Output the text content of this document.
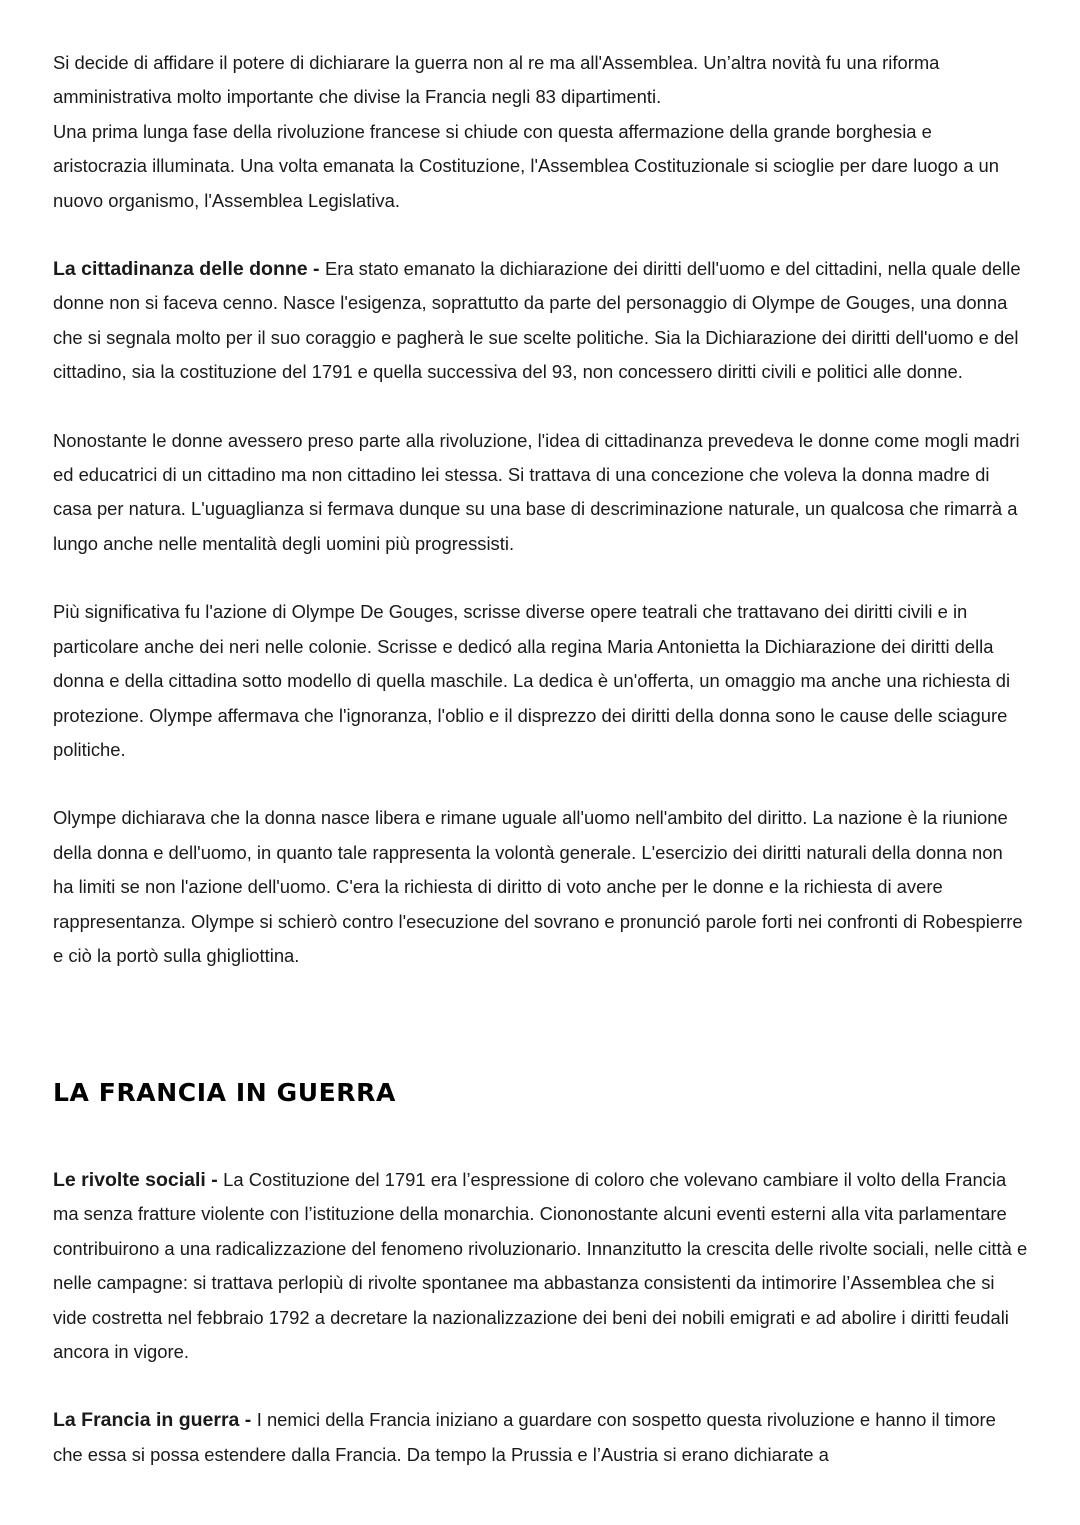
Si decide di affidare il potere di dichiarare la guerra non al re ma all'Assemblea. Un’altra novità fu una riforma amministrativa molto importante che divise la Francia negli 83 dipartimenti.

Una prima lunga fase della rivoluzione francese si chiude con questa affermazione della grande borghesia e aristocrazia illuminata. Una volta emanata la Costituzione, l'Assemblea Costituzionale si scioglie per dare luogo a un nuovo organismo, l'Assemblea Legislativa.

La cittadinanza delle donne - Era stato emanato la dichiarazione dei diritti dell'uomo e del cittadini, nella quale delle donne non si faceva cenno. Nasce l'esigenza, soprattutto da parte del personaggio di Olympe de Gouges, una donna che si segnala molto per il suo coraggio e pagherà le sue scelte politiche. Sia la Dichiarazione dei diritti dell'uomo e del cittadino, sia la costituzione del 1791 e quella successiva del 93, non concessero diritti civili e politici alle donne.

Nonostante le donne avessero preso parte alla rivoluzione, l'idea di cittadinanza prevedeva le donne come mogli madri ed educatrici di un cittadino ma non cittadino lei stessa. Si trattava di una concezione che voleva la donna madre di casa per natura. L'uguaglianza si fermava dunque su una base di descriminazione naturale, un qualcosa che rimarrà a lungo anche nelle mentalità degli uomini più progressisti.

Più significativa fu l'azione di Olympe De Gouges, scrisse diverse opere teatrali che trattavano dei diritti civili e in particolare anche dei neri nelle colonie. Scrisse e dedicó alla regina Maria Antonietta la Dichiarazione dei diritti della donna e della cittadina sotto modello di quella maschile. La dedica è un'offerta, un omaggio ma anche una richiesta di protezione. Olympe affermava che l'ignoranza, l'oblio e il disprezzo dei diritti della donna sono le cause delle sciagure politiche.

Olympe dichiarava che la donna nasce libera e rimane uguale all'uomo nell'ambito del diritto. La nazione è la riunione della donna e dell'uomo, in quanto tale rappresenta la volontà generale. L'esercizio dei diritti naturali della donna non ha limiti se non l'azione dell'uomo. C'era la richiesta di diritto di voto anche per le donne e la richiesta di avere rappresentanza. Olympe si schierò contro l'esecuzione del sovrano e pronunció parole forti nei confronti di Robespierre e ciò la portò sulla ghigliottina.

LA FRANCIA IN GUERRA

Le rivolte sociali - La Costituzione del 1791 era l’espressione di coloro che volevano cambiare il volto della Francia ma senza fratture violente con l’istituzione della monarchia. Ciononostante alcuni eventi esterni alla vita parlamentare contribuirono a una radicalizzazione del fenomeno rivoluzionario. Innanzitutto la crescita delle rivolte sociali, nelle città e nelle campagne: si trattava perlopiù di rivolte spontanee ma abbastanza consistenti da intimorire l’Assemblea che si vide costretta nel febbraio 1792 a decretare la nazionalizzazione dei beni dei nobili emigrati e ad abolire i diritti feudali ancora in vigore.

La Francia in guerra - I nemici della Francia iniziano a guardare con sospetto questa rivoluzione e hanno il timore che essa si possa estendere dalla Francia. Da tempo la Prussia e l’Austria si erano dichiarate a
